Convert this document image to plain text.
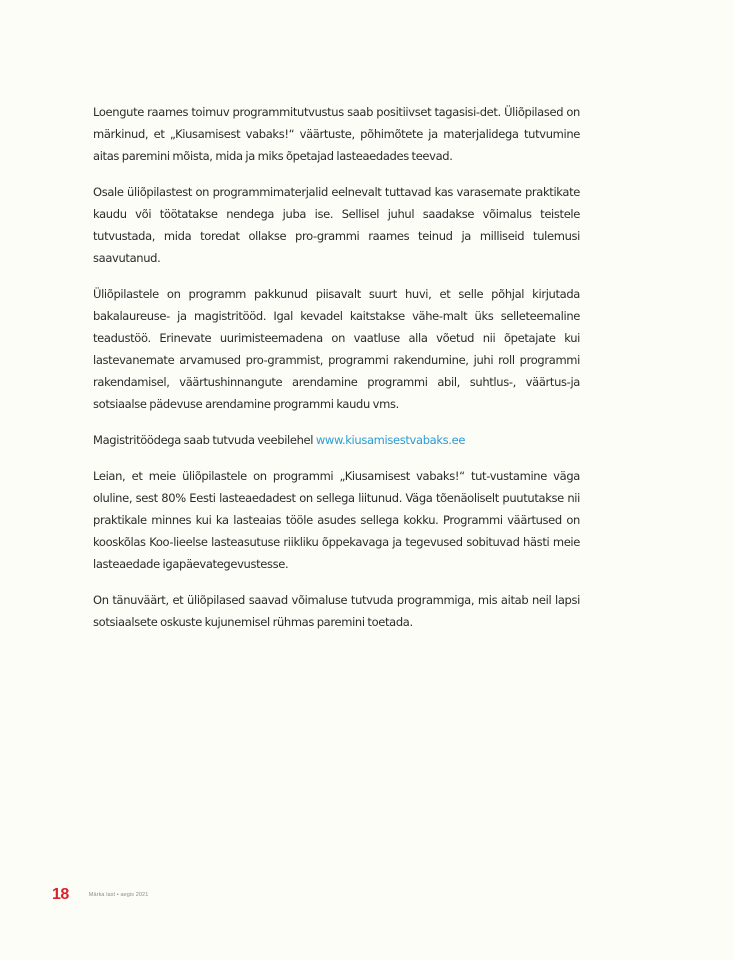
Loengute raames toimuv programmitutvustus saab positiivset tagasisi-det. Üliõpilased on märkinud, et „Kiusamisest vabaks!“ väärtuste, põhimõtete ja materjalidega tutvumine aitas paremini mõista, mida ja miks õpetajad lasteaedades teevad.

Osale üliõpilastest on programmimaterjalid eelnevalt tuttavad kas varasemate praktikate kaudu või töötatakse nendega juba ise. Sellisel juhul saadakse võimalus teistele tutvustada, mida toredat ollakse pro-grammi raames teinud ja milliseid tulemusi saavutanud.

Üliõpilastele on programm pakkunud piisavalt suurt huvi, et selle põhjal kirjutada bakalaureuse- ja magistritööd. Igal kevadel kaitstakse vähe-malt üks selleteemaline teadustöö. Erinevate uurimisteemadena on vaatluse alla võetud nii õpetajate kui lastevanemate arvamused pro-grammist, programmi rakendumine, juhi roll programmi rakendamisel, väärtushinnangute arendamine programmi abil, suhtlus-, väärtus-ja sotsiaalse pädevuse arendamine programmi kaudu vms.

Magistritöödega saab tutvuda veebilehel www.kiusamisestvabaks.ee

Leian, et meie üliõpilastele on programmi „Kiusamisest vabaks!“ tut-vustamine väga oluline, sest 80% Eesti lasteaedadest on sellega liitunud. Väga tõenäoliselt puututakse nii praktikale minnes kui ka lasteaias tööle asudes sellega kokku. Programmi väärtused on kooskõlas Koo-lieelse lasteasutuse riikliku õppekavaga ja tegevused sobituvad hästi meie lasteaedade igapäevategevustesse.

On tänuväärt, et üliõpilased saavad võimaluse tutvuda programmiga, mis aitab neil lapsi sotsiaalsete oskuste kujunemisel rühmas paremini toetada.

18	Märka last • aegis 2021
